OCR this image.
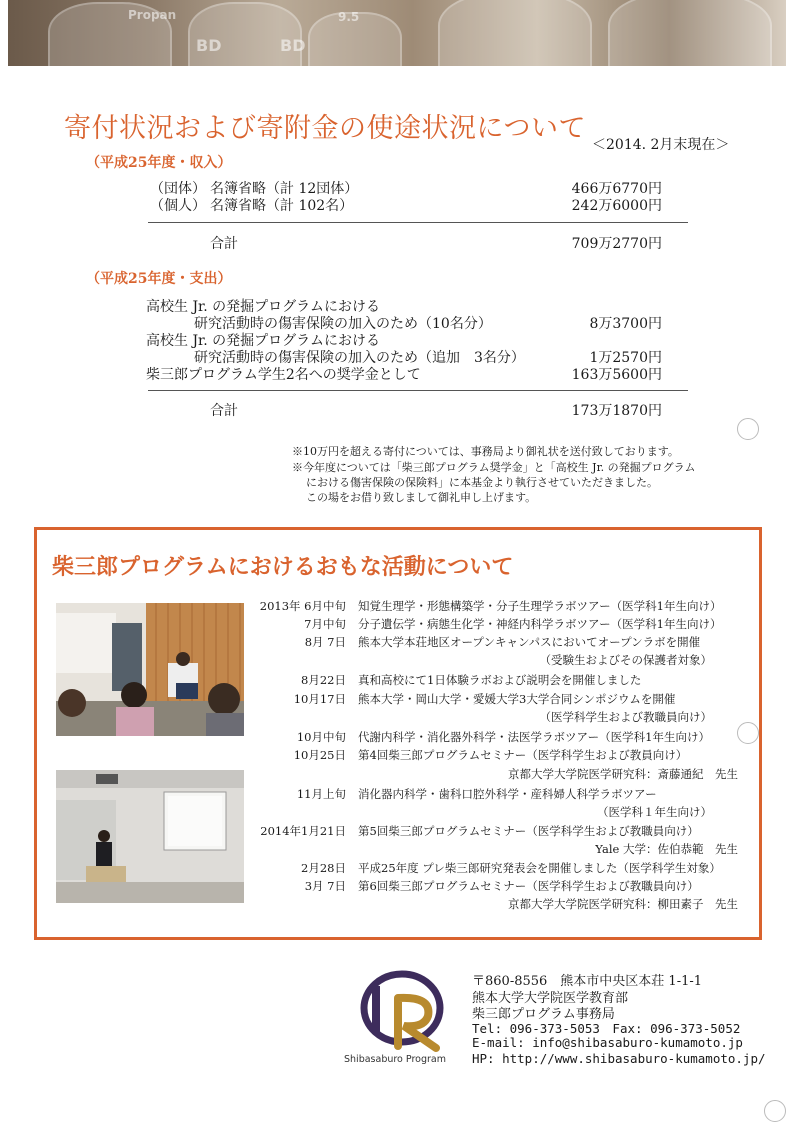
Propan
BD	BD
9.5
寄付状況および寄附金の使途状況について
＜2014. 2月末現在＞
（平成25年度・収入）
（団体） 名簿省略（計 12団体）	466万6770円
（個人） 名簿省略（計 102名）	242万6000円
合計	709万2770円
（平成25年度・支出）
高校生 Jr. の発掘プログラムにおける
研究活動時の傷害保険の加入のため（10名分）	8万3700円
高校生 Jr. の発掘プログラムにおける
研究活動時の傷害保険の加入のため（追加　3名分）	1万2570円
柴三郎プログラム学生2名への奨学金として	163万5600円
合計	173万1870円
※10万円を超える寄付については、事務局より御礼状を送付致しております。
※今年度については「柴三郎プログラム奨学金」と「高校生 Jr. の発掘プログラム
における傷害保険の保険料」に本基金より執行させていただきました。
この場をお借り致しまして御礼申し上げます。
柴三郎プログラムにおけるおもな活動について
2013年 6月中旬 知覚生理学・形態構築学・分子生理学ラボツアー（医学科1年生向け）
7月中旬 分子遺伝学・病態生化学・神経内科学ラボツアー（医学科1年生向け）
8月 7日 熊本大学本荘地区オープンキャンパスにおいてオープンラボを開催
（受験生およびその保護者対象）
8月22日 真和高校にて1日体験ラボおよび説明会を開催しました
10月17日 熊本大学・岡山大学・愛媛大学3大学合同シンポジウムを開催
（医学科学生および教職員向け）
10月中旬 代謝内科学・消化器外科学・法医学ラボツアー（医学科1年生向け）
10月25日 第4回柴三郎プログラムセミナー（医学科学生および教員向け）
京都大学大学院医学研究科：斎藤通紀　先生
11月上旬 消化器内科学・歯科口腔外科学・産科婦人科学ラボツアー
（医学科１年生向け）
2014年1月21日 第5回柴三郎プログラムセミナー（医学科学生および教職員向け）
Yale 大学：佐伯恭範　先生
2月28日 平成25年度 プレ柴三郎研究発表会を開催しました（医学科学生対象）
3月 7日 第6回柴三郎プログラムセミナー（医学科学生および教職員向け）
京都大学大学院医学研究科：柳田素子　先生
Shibasaburo Program
〒860-8556　熊本市中央区本荘 1-1-1
熊本大学大学院医学教育部
柴三郎プログラム事務局
Tel: 096-373-5053　Fax: 096-373-5052
E-mail: info@shibasaburo-kumamoto.jp
HP: http://www.shibasaburo-kumamoto.jp/
